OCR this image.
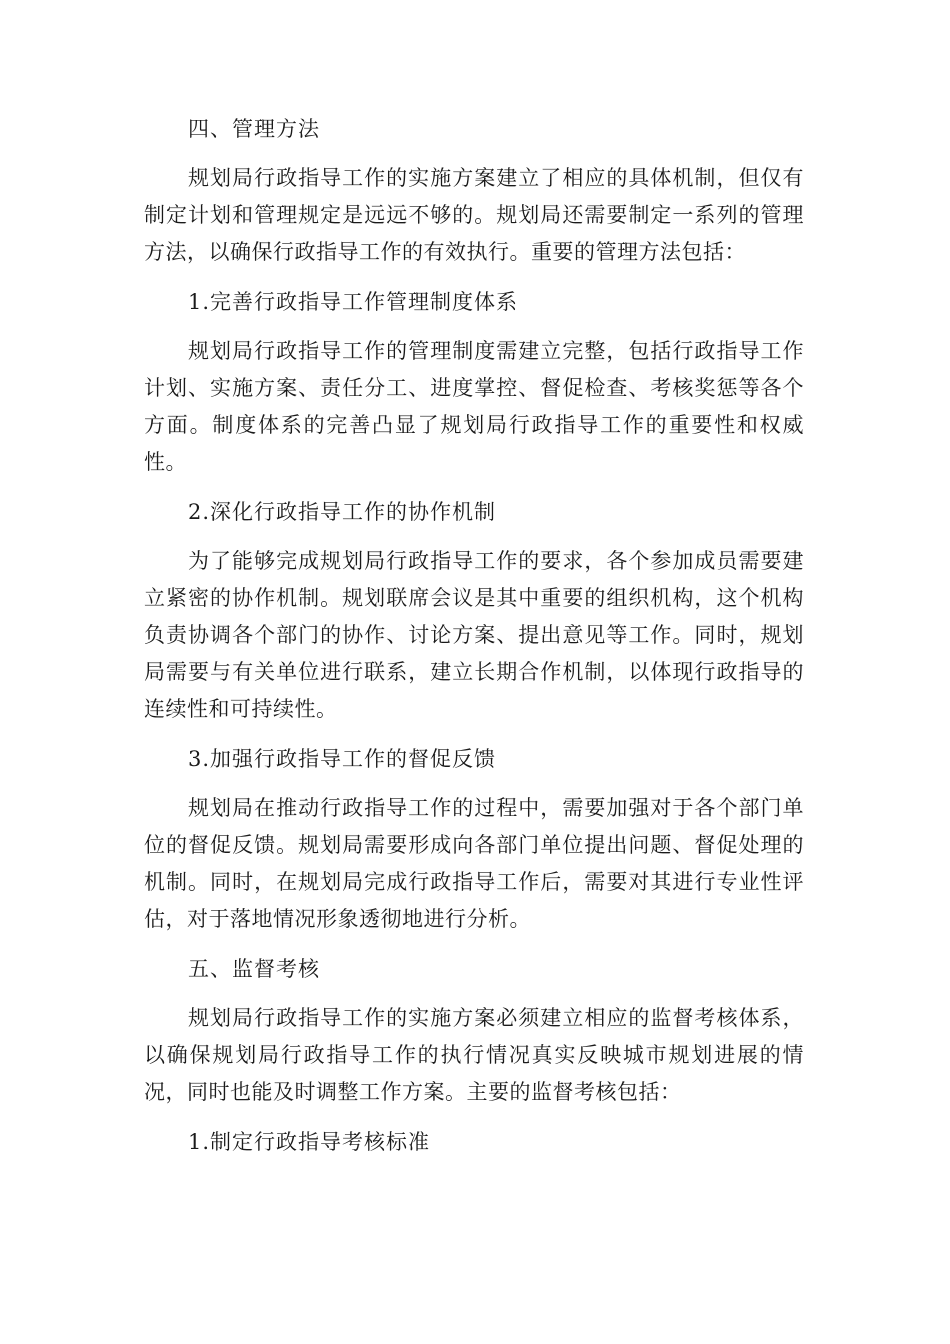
四、管理方法

规划局行政指导工作的实施方案建立了相应的具体机制，但仅有制定计划和管理规定是远远不够的。规划局还需要制定一系列的管理方法，以确保行政指导工作的有效执行。重要的管理方法包括：

1.完善行政指导工作管理制度体系

规划局行政指导工作的管理制度需建立完整，包括行政指导工作计划、实施方案、责任分工、进度掌控、督促检查、考核奖惩等各个方面。制度体系的完善凸显了规划局行政指导工作的重要性和权威性。

2.深化行政指导工作的协作机制

为了能够完成规划局行政指导工作的要求，各个参加成员需要建立紧密的协作机制。规划联席会议是其中重要的组织机构，这个机构负责协调各个部门的协作、讨论方案、提出意见等工作。同时，规划局需要与有关单位进行联系，建立长期合作机制，以体现行政指导的连续性和可持续性。

3.加强行政指导工作的督促反馈

规划局在推动行政指导工作的过程中，需要加强对于各个部门单位的督促反馈。规划局需要形成向各部门单位提出问题、督促处理的机制。同时，在规划局完成行政指导工作后，需要对其进行专业性评估，对于落地情况形象透彻地进行分析。

五、监督考核

规划局行政指导工作的实施方案必须建立相应的监督考核体系，以确保规划局行政指导工作的执行情况真实反映城市规划进展的情况，同时也能及时调整工作方案。主要的监督考核包括：

1.制定行政指导考核标准
